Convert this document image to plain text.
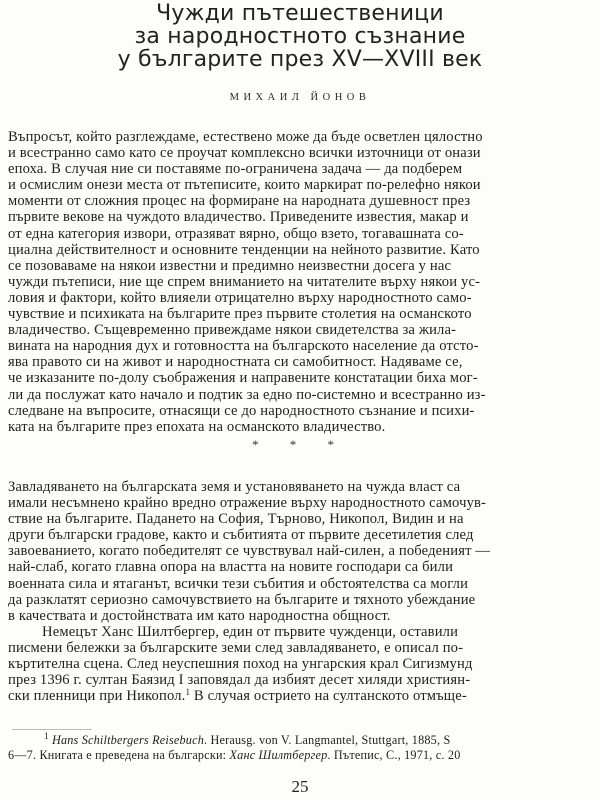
Чужди пътешественици
за народностното съзнание
у българите през XV—XVIII век
МИХАИЛ ЙОНОВ
Въпросът, който разглеждаме, естествено може да бъде осветлен цялостно
и всестранно само като се проучат комплексно всички източници от онази
епоха. В случая ние си поставяме по-ограничена задача — да подберем
и осмислим онези места от пътеписите, които маркират по-релефно някои
моменти от сложния процес на формиране на народната душевност през
първите векове на чуждото владичество. Приведените известия, макар и
от една категория извори, отразяват вярно, общо взето, тогавашната со-
циална действителност и основните тенденции на нейното развитие. Като
се позоваваме на някои известни и предимно неизвестни досега у нас
чужди пътеписи, ние ще спрем вниманието на читателите върху някои ус-
ловия и фактори, който влияели отрицателно върху народностното само-
чувствие и психиката на българите през първите столетия на османското
владичество. Същевременно привеждаме някои свидетелства за жила-
вината на народния дух и готовността на българското население да отсто-
ява правото си на живот и народностната си самобитност. Надяваме се,
че изказаните по-долу съображения и направените констатации биха мог-
ли да послужат като начало и подтик за едно по-системно и всестранно из-
следване на въпросите, отнасящи се до народностното съзнание и психи-
ката на българите през епохата на османското владичество.
* * *
Завладяването на българската земя и установяването на чужда власт са
имали несъмнено крайно вредно отражение върху народностното самочув-
ствие на българите. Падането на София, Търново, Никопол, Видин и на
други български градове, както и събитията от първите десетилетия след
завоеванието, когато победителят се чувствувал най-силен, а победеният —
най-слаб, когато главна опора на властта на новите господари са били
военната сила и ятаганът, всички тези събития и обстоятелства са могли
да разклатят сериозно самочувствието на българите и тяхното убеждание
в качествата и достойнствата им като народностна общност.
Немецът Ханс Шилтбергер, един от първите чужденци, оставили
писмени бележки за българските земи след завладяването, е описал по-
къртителна сцена. След неуспешния поход на унгарския крал Сигизмунд
през 1396 г. султан Баязид I заповядал да избият десет хиляди християн-
ски пленници при Никопол.$^1$ В случая острието на султанското отмъще-
$^1$ Hans Schiltbergers Reisebuch. Herausg. von V. Langmantel, Stuttgart, 1885, S
6—7. Книгата е преведена на български: Ханс Шилтбергер. Пътепис, С., 1971, с. 20
25
